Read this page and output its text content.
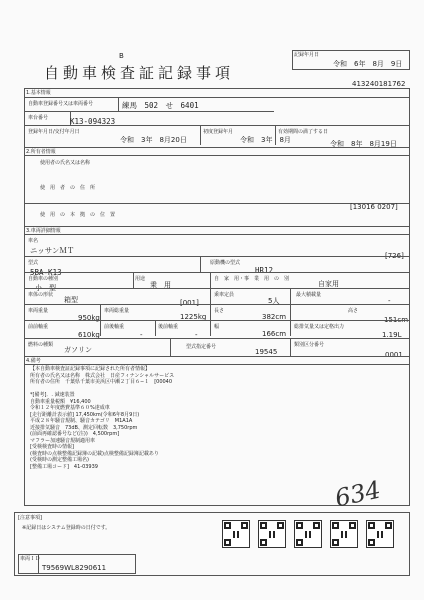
B
自動車検査証記録事項
記録年月日
令和　6年　8月　9日
413240181762
1.基本情報
自動車登録番号又は車両番号	練馬　502　せ　6401
車台番号	K13-094323
登録年月日/交付年月日
令和　3年　8月20日
初度登録年月
令和　3年　8月
有効期間の満了する日
令和　8年　8月19日
2.所有者情報
使用者の氏名又は名称
使　用　者　の　住　所
使　用　の　本　拠　の　位　置
[13016 0207]
3.車両詳細情報
車名
ニッサンＭＴ
[726]
型式
5BA-K13
原動機の型式
HR12
自動車の種別
小　型
用途
乗　用
自　家　用・事　業　用　の　別
自家用
車体の形状
箱型	[001]
乗車定員
5人
最大積載量
-
車両重量
950kg
車両総重量
1225kg
長さ
382cm
高さ
151cm
前前軸重
610kg
前後軸重
-
後前軸重
-
幅
166cm
総排気量又は定格出力
1.19L
燃料の種類
ガソリン	型式指定番号
19545
類別区分番号
0001
4.備考
【本自動車検査証記録事項に記録された所有者情報】
所有者の氏名又は名称　株式会社　日産フィナンシャルサービス
所有者の住所　千葉県千葉市美浜区中瀬２丁目６−１　[00040
*[備考]．. 減速装置
自動車重量税額　¥16,400
令和１２年度燃費基準６０%達成車
[走行距離計表示値] 17,450km(令和6年8月9日)
平成２８年騒音規制、騒音カテゴリ　M1A1A
近接排気騒音　73dB、測定回転数　3,750rpm
(前面再確認番号など(注))　4,500rpm]
マフラー加速騒音規制適用車
[受検検査時の情報]
(検査時の点検整備記録簿の記載)点検整備記録簿記載あり
(受検時の測定整備工場名)
[整備工場コード]　41-03939
634
[注意事項]
※記録日はシステム登録時の日付です。
車両ＩＤ
T9569WL8290611
